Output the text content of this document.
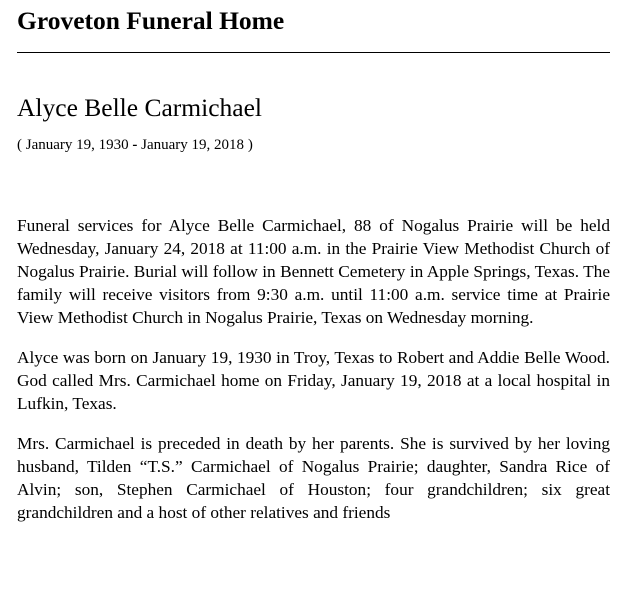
Groveton Funeral Home
Alyce Belle Carmichael
( January 19, 1930 - January 19, 2018 )

Funeral services for Alyce Belle Carmichael, 88 of Nogalus Prairie will be held Wednesday, January 24, 2018 at 11:00 a.m. in the Prairie View Methodist Church of Nogalus Prairie. Burial will follow in Bennett Cemetery in Apple Springs, Texas. The family will receive visitors from 9:30 a.m. until 11:00 a.m. service time at Prairie View Methodist Church in Nogalus Prairie, Texas on Wednesday morning.

Alyce was born on January 19, 1930 in Troy, Texas to Robert and Addie Belle Wood. God called Mrs. Carmichael home on Friday, January 19, 2018 at a local hospital in Lufkin, Texas.

Mrs. Carmichael is preceded in death by her parents. She is survived by her loving husband, Tilden “T.S.” Carmichael of Nogalus Prairie; daughter, Sandra Rice of Alvin; son, Stephen Carmichael of Houston; four grandchildren; six great grandchildren and a host of other relatives and friends
